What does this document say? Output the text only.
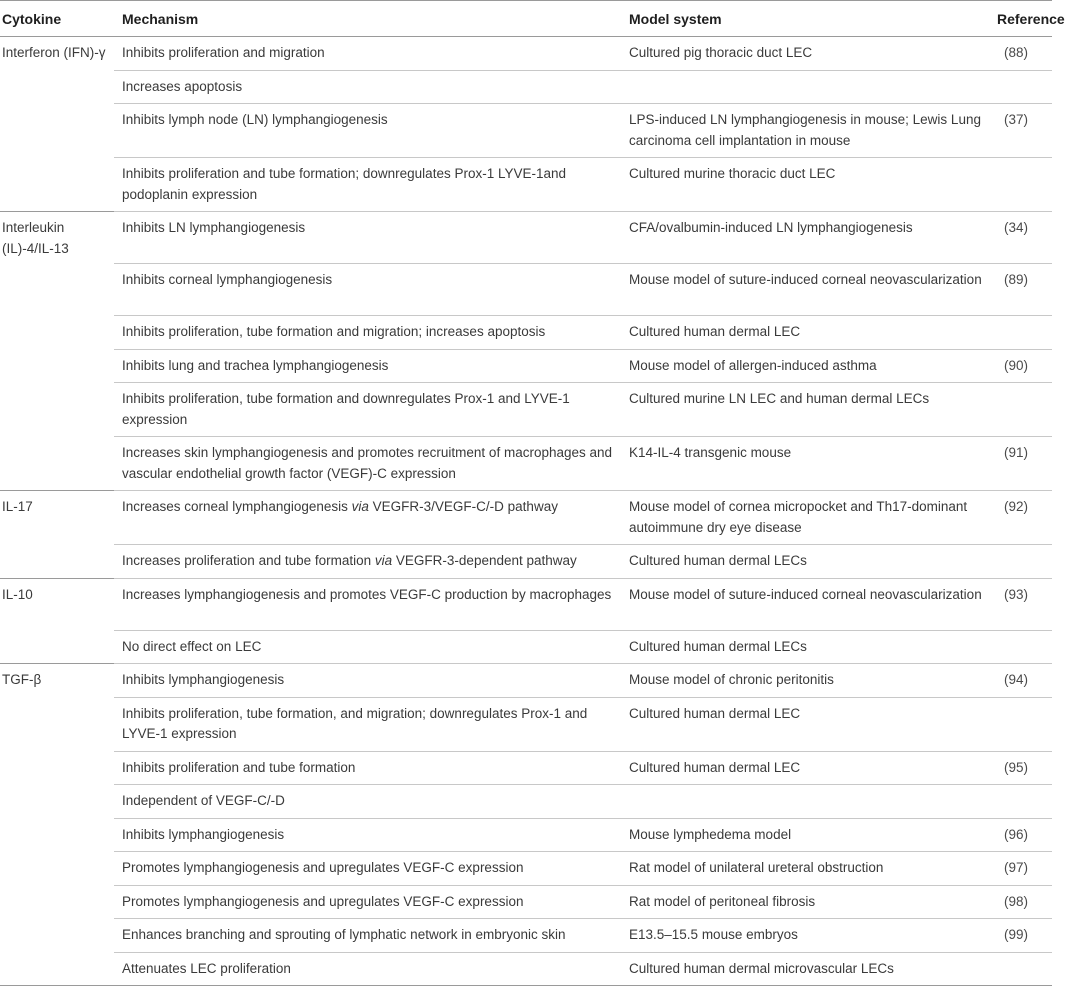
Cytokine	Mechanism	Model system	Reference
Interferon (IFN)-γ	Inhibits proliferation and migration	Cultured pig thoracic duct LEC	(88)
	Increases apoptosis		
	Inhibits lymph node (LN) lymphangiogenesis	LPS-induced LN lymphangiogenesis in mouse; Lewis Lung carcinoma cell implantation in mouse	(37)
	Inhibits proliferation and tube formation; downregulates Prox-1 LYVE-1and podoplanin expression	Cultured murine thoracic duct LEC	
Interleukin (IL)-4/IL-13	Inhibits LN lymphangiogenesis	CFA/ovalbumin-induced LN lymphangiogenesis	(34)
	Inhibits corneal lymphangiogenesis	Mouse model of suture-induced corneal neovascularization	(89)
	Inhibits proliferation, tube formation and migration; increases apoptosis	Cultured human dermal LEC	
	Inhibits lung and trachea lymphangiogenesis	Mouse model of allergen-induced asthma	(90)
	Inhibits proliferation, tube formation and downregulates Prox-1 and LYVE-1 expression	Cultured murine LN LEC and human dermal LECs	
	Increases skin lymphangiogenesis and promotes recruitment of macrophages and vascular endothelial growth factor (VEGF)-C expression	K14-IL-4 transgenic mouse	(91)
IL-17	Increases corneal lymphangiogenesis via VEGFR-3/VEGF-C/-D pathway	Mouse model of cornea micropocket and Th17-dominant autoimmune dry eye disease	(92)
	Increases proliferation and tube formation via VEGFR-3-dependent pathway	Cultured human dermal LECs	
IL-10	Increases lymphangiogenesis and promotes VEGF-C production by macrophages	Mouse model of suture-induced corneal neovascularization	(93)
	No direct effect on LEC	Cultured human dermal LECs	
TGF-β	Inhibits lymphangiogenesis	Mouse model of chronic peritonitis	(94)
	Inhibits proliferation, tube formation, and migration; downregulates Prox-1 and LYVE-1 expression	Cultured human dermal LEC	
	Inhibits proliferation and tube formation	Cultured human dermal LEC	(95)
	Independent of VEGF-C/-D		
	Inhibits lymphangiogenesis	Mouse lymphedema model	(96)
	Promotes lymphangiogenesis and upregulates VEGF-C expression	Rat model of unilateral ureteral obstruction	(97)
	Promotes lymphangiogenesis and upregulates VEGF-C expression	Rat model of peritoneal fibrosis	(98)
	Enhances branching and sprouting of lymphatic network in embryonic skin	E13.5–15.5 mouse embryos	(99)
	Attenuates LEC proliferation	Cultured human dermal microvascular LECs	
